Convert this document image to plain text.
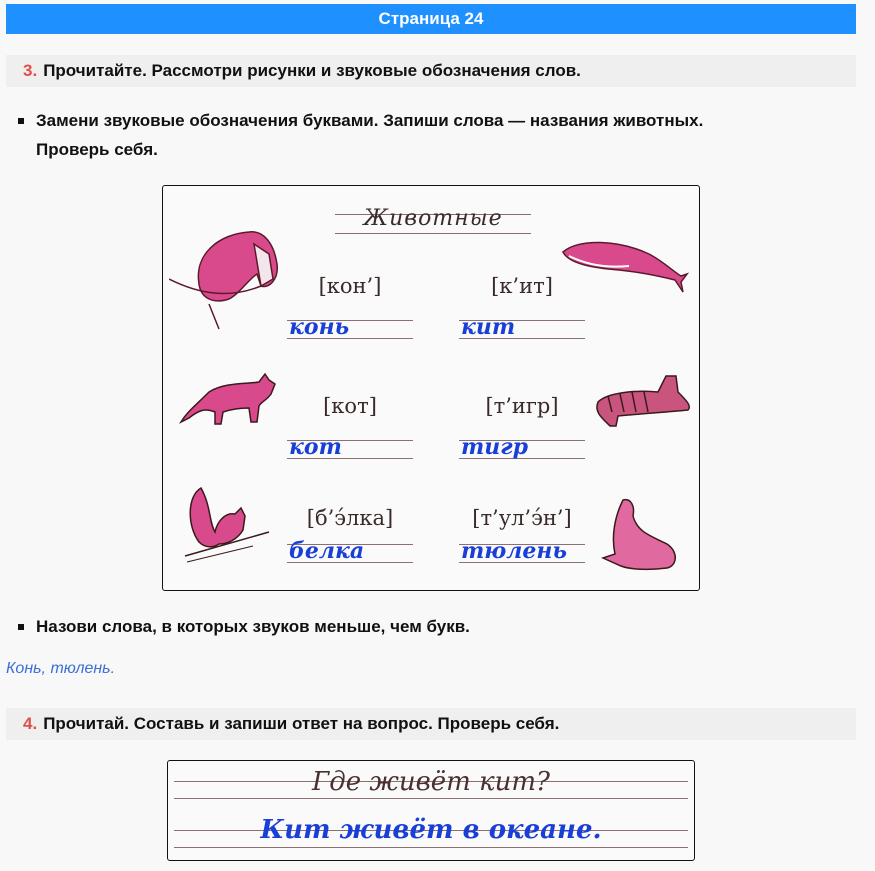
Страница 24
3. Прочитайте. Рассмотри рисунки и звуковые обозначения слов.
Замени звуковые обозначения буквами. Запиши слова — названия животных.
Проверь себя.
Животные
[кон’]
конь
[к’ит]
кит
[кот]
кот
[т’игр]
тигр
[б’э́лка]
белка
[т’ул’э́н’]
тюлень
Назови слова, в которых звуков меньше, чем букв.
Конь, тюлень.
4. Прочитай. Составь и запиши ответ на вопрос. Проверь себя.
Где живёт кит?
Кит живёт в океане.
